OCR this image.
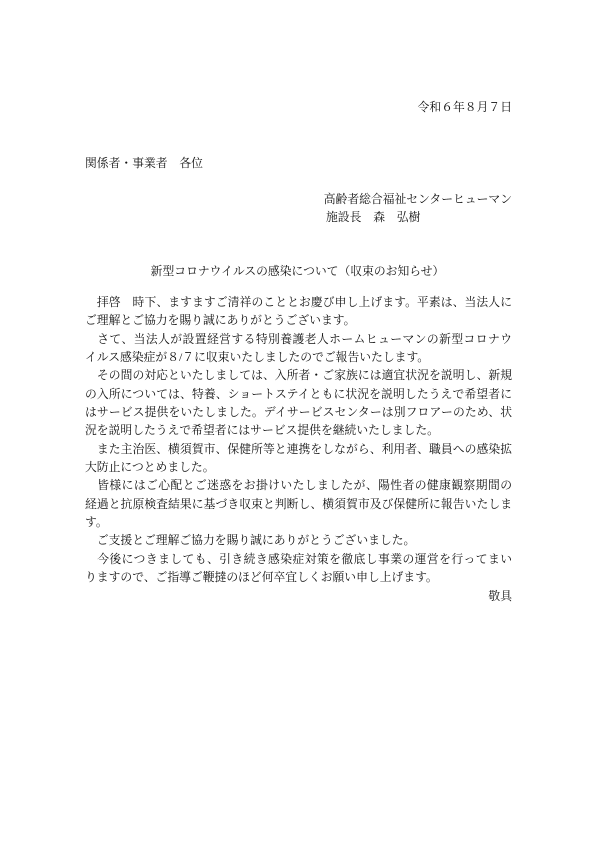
令和６年８月７日
関係者・事業者　各位
高齢者総合福祉センターヒューマン
施設長　森　弘樹
新型コロナウイルスの感染について（収束のお知らせ）
　拝啓　時下、ますますご清祥のこととお慶び申し上げます。平素は、当法人に
ご理解とご協力を賜り誠にありがとうございます。
　さて、当法人が設置経営する特別養護老人ホームヒューマンの新型コロナウ
イルス感染症が８/７に収束いたしましたのでご報告いたします。
　その間の対応といたしましては、入所者・ご家族には適宜状況を説明し、新規
の入所については、特養、ショートステイともに状況を説明したうえで希望者に
はサービス提供をいたしました。デイサービスセンターは別フロアーのため、状
況を説明したうえで希望者にはサービス提供を継続いたしました。
　また主治医、横須賀市、保健所等と連携をしながら、利用者、職員への感染拡
大防止につとめました。
　皆様にはご心配とご迷惑をお掛けいたしましたが、陽性者の健康観察期間の
経過と抗原検査結果に基づき収束と判断し、横須賀市及び保健所に報告いたしま
す。
　ご支援とご理解ご協力を賜り誠にありがとうございました。
　今後につきましても、引き続き感染症対策を徹底し事業の運営を行ってまい
りますので、ご指導ご鞭撻のほど何卒宜しくお願い申し上げます。
敬具
